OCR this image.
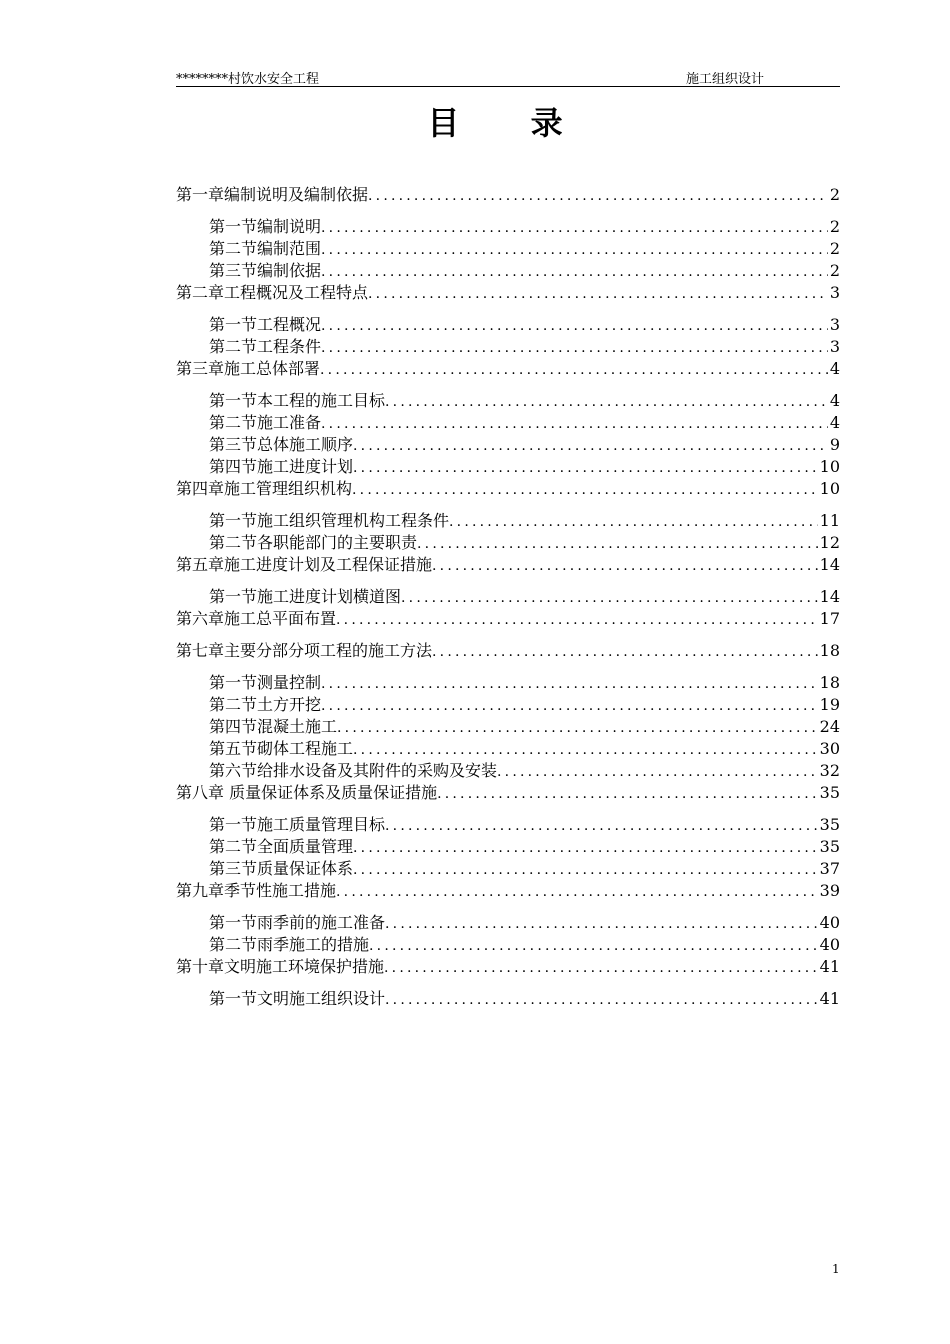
********村饮水安全工程	施工组织设计
目 录
第一章编制说明及编制依据 .....	2
第一节编制说明 .....	2
第二节编制范围 .....	2
第三节编制依据 .....	2
第二章工程概况及工程特点 .....	3
第一节工程概况 .....	3
第二节工程条件 .....	3
第三章施工总体部署 .....	4
第一节本工程的施工目标 .....	4
第二节施工准备 .....	4
第三节总体施工顺序 .....	9
第四节施工进度计划 .....	10
第四章施工管理组织机构 .....	10
第一节施工组织管理机构工程条件 .....	11
第二节各职能部门的主要职责 .....	12
第五章施工进度计划及工程保证措施 .....	14
第一节施工进度计划横道图 .....	14
第六章施工总平面布置 .....	17
第七章主要分部分项工程的施工方法 .....	18
第一节测量控制 .....	18
第二节土方开挖 .....	19
第四节混凝土施工 .....	24
第五节砌体工程施工 .....	30
第六节给排水设备及其附件的采购及安装 .....	32
第八章 质量保证体系及质量保证措施 .....	35
第一节施工质量管理目标 .....	35
第二节全面质量管理 .....	35
第三节质量保证体系 .....	37
第九章季节性施工措施 .....	39
第一节雨季前的施工准备 .....	40
第二节雨季施工的措施 .....	40
第十章文明施工环境保护措施 .....	41
第一节文明施工组织设计 .....	41
1
